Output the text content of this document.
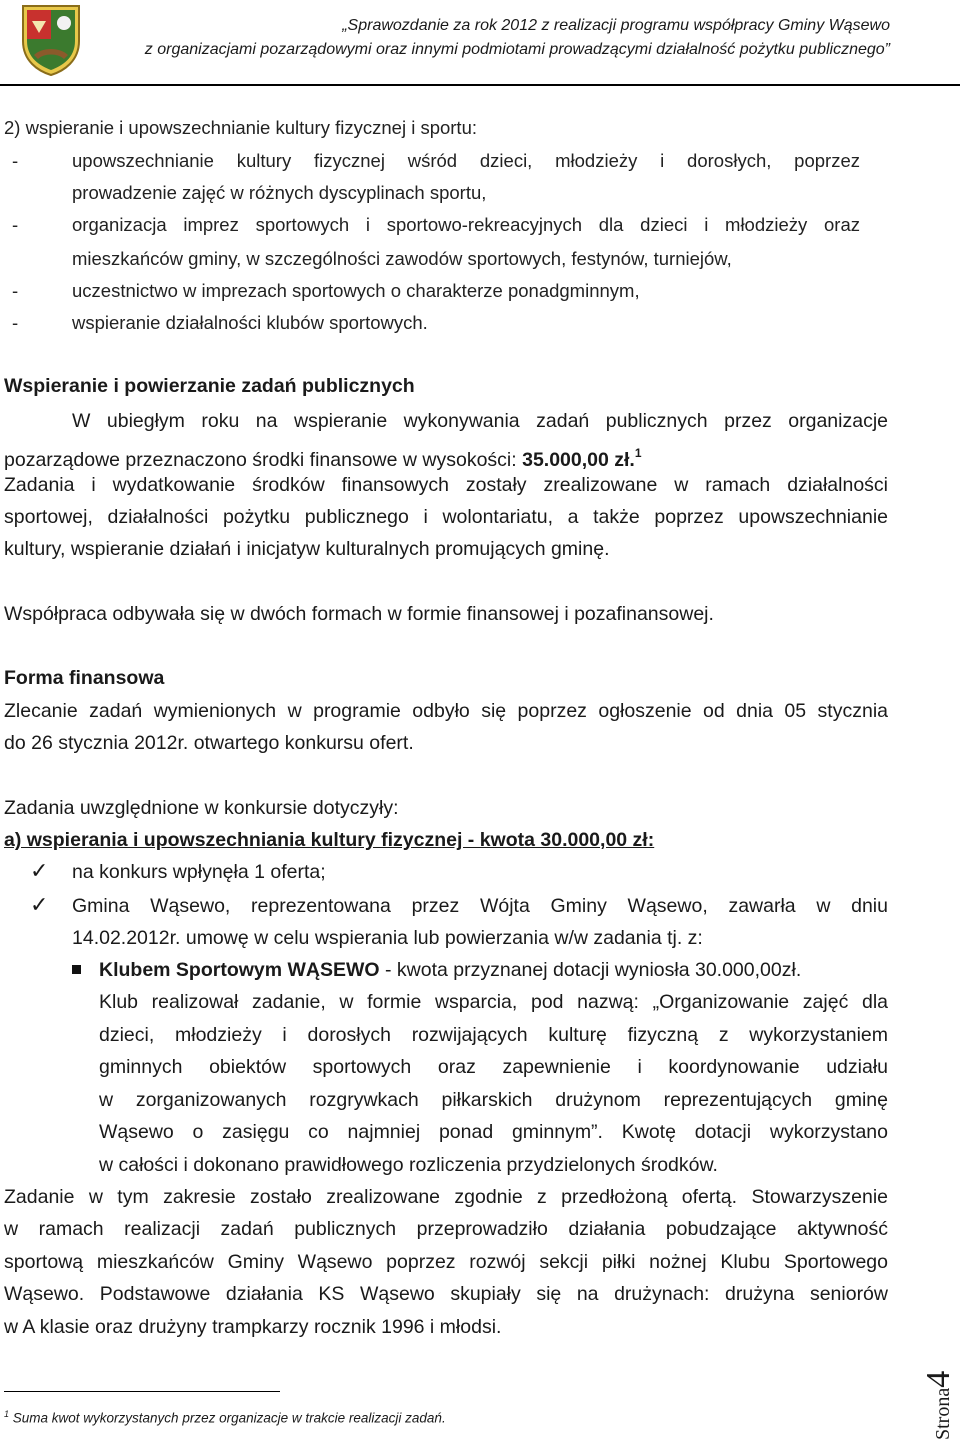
„Sprawozdanie za rok 2012 z realizacji programu współpracy Gminy Wąsewo
z organizacjami pozarządowymi oraz innymi podmiotami prowadzącymi działalność pożytku publicznego”
2) wspieranie i upowszechnianie kultury fizycznej i sportu:
-	upowszechnianie kultury fizycznej wśród dzieci, młodzieży i dorosłych, poprzez
prowadzenie zajęć w różnych dyscyplinach sportu,
-	organizacja imprez sportowych i sportowo-rekreacyjnych dla dzieci i młodzieży oraz
mieszkańców gminy, w szczególności zawodów sportowych, festynów, turniejów,
-	uczestnictwo w imprezach sportowych o charakterze ponadgminnym,
-	wspieranie działalności klubów sportowych.
Wspieranie i powierzanie zadań publicznych
W ubiegłym roku na wspieranie wykonywania zadań publicznych przez organizacje
pozarządowe przeznaczono środki finansowe w wysokości: 35.000,00 zł.$^1$
Zadania i wydatkowanie środków finansowych zostały zrealizowane w ramach działalności
sportowej, działalności pożytku publicznego i wolontariatu, a także poprzez upowszechnianie
kultury, wspieranie działań i inicjatyw kulturalnych promujących gminę.
Współpraca odbywała się w dwóch formach w formie finansowej i pozafinansowej.
Forma finansowa
Zlecanie zadań wymienionych w programie odbyło się poprzez ogłoszenie od dnia 05 stycznia
do 26 stycznia 2012r. otwartego konkursu ofert.
Zadania uwzględnione w konkursie dotyczyły:
a) wspierania i upowszechniania kultury fizycznej - kwota 30.000,00 zł:
✓ na konkurs wpłynęła 1 oferta;
✓ Gmina Wąsewo, reprezentowana przez Wójta Gminy Wąsewo, zawarła w dniu
14.02.2012r. umowę w celu wspierania lub powierzania w/w zadania tj. z:
Klubem Sportowym WĄSEWO - kwota przyznanej dotacji wyniosła 30.000,00zł.
Klub realizował zadanie, w formie wsparcia, pod nazwą: „Organizowanie zajęć dla
dzieci, młodzieży i dorosłych rozwijających kulturę fizyczną z wykorzystaniem
gminnych obiektów sportowych oraz zapewnienie i koordynowanie udziału
w zorganizowanych rozgrywkach piłkarskich drużynom reprezentujących gminę
Wąsewo o zasięgu co najmniej ponad gminnym”. Kwotę dotacji wykorzystano
w całości i dokonano prawidłowego rozliczenia przydzielonych środków.
Zadanie w tym zakresie zostało zrealizowane zgodnie z przedłożoną ofertą. Stowarzyszenie
w ramach realizacji zadań publicznych przeprowadziło działania pobudzające aktywność
sportową mieszkańców Gminy Wąsewo poprzez rozwój sekcji piłki nożnej Klubu Sportowego
Wąsewo. Podstawowe działania KS Wąsewo skupiały się na drużynach: drużyna seniorów
w A klasie oraz drużyny trampkarzy rocznik 1996 i młodsi.
$^1$ Suma kwot wykorzystanych przez organizacje w trakcie realizacji zadań.	Strona4
